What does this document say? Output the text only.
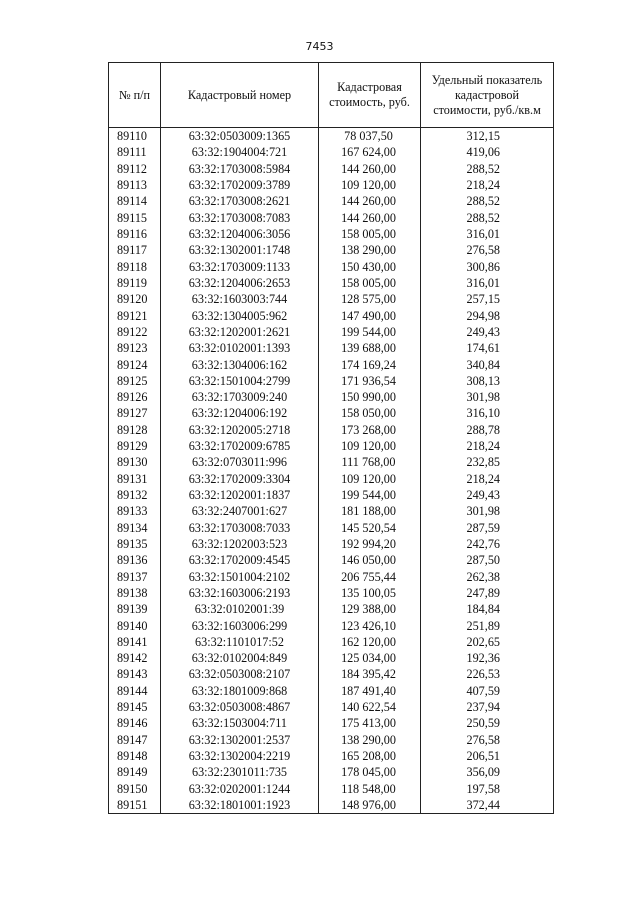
7453
№ п/п	Кадастровый номер	Кадастровая стоимость, руб.	Удельный показатель кадастровой стоимости, руб./кв.м
89110	63:32:0503009:1365	78 037,50	312,15
89111	63:32:1904004:721	167 624,00	419,06
89112	63:32:1703008:5984	144 260,00	288,52
89113	63:32:1702009:3789	109 120,00	218,24
89114	63:32:1703008:2621	144 260,00	288,52
89115	63:32:1703008:7083	144 260,00	288,52
89116	63:32:1204006:3056	158 005,00	316,01
89117	63:32:1302001:1748	138 290,00	276,58
89118	63:32:1703009:1133	150 430,00	300,86
89119	63:32:1204006:2653	158 005,00	316,01
89120	63:32:1603003:744	128 575,00	257,15
89121	63:32:1304005:962	147 490,00	294,98
89122	63:32:1202001:2621	199 544,00	249,43
89123	63:32:0102001:1393	139 688,00	174,61
89124	63:32:1304006:162	174 169,24	340,84
89125	63:32:1501004:2799	171 936,54	308,13
89126	63:32:1703009:240	150 990,00	301,98
89127	63:32:1204006:192	158 050,00	316,10
89128	63:32:1202005:2718	173 268,00	288,78
89129	63:32:1702009:6785	109 120,00	218,24
89130	63:32:0703011:996	111 768,00	232,85
89131	63:32:1702009:3304	109 120,00	218,24
89132	63:32:1202001:1837	199 544,00	249,43
89133	63:32:2407001:627	181 188,00	301,98
89134	63:32:1703008:7033	145 520,54	287,59
89135	63:32:1202003:523	192 994,20	242,76
89136	63:32:1702009:4545	146 050,00	287,50
89137	63:32:1501004:2102	206 755,44	262,38
89138	63:32:1603006:2193	135 100,05	247,89
89139	63:32:0102001:39	129 388,00	184,84
89140	63:32:1603006:299	123 426,10	251,89
89141	63:32:1101017:52	162 120,00	202,65
89142	63:32:0102004:849	125 034,00	192,36
89143	63:32:0503008:2107	184 395,42	226,53
89144	63:32:1801009:868	187 491,40	407,59
89145	63:32:0503008:4867	140 622,54	237,94
89146	63:32:1503004:711	175 413,00	250,59
89147	63:32:1302001:2537	138 290,00	276,58
89148	63:32:1302004:2219	165 208,00	206,51
89149	63:32:2301011:735	178 045,00	356,09
89150	63:32:0202001:1244	118 548,00	197,58
89151	63:32:1801001:1923	148 976,00	372,44
